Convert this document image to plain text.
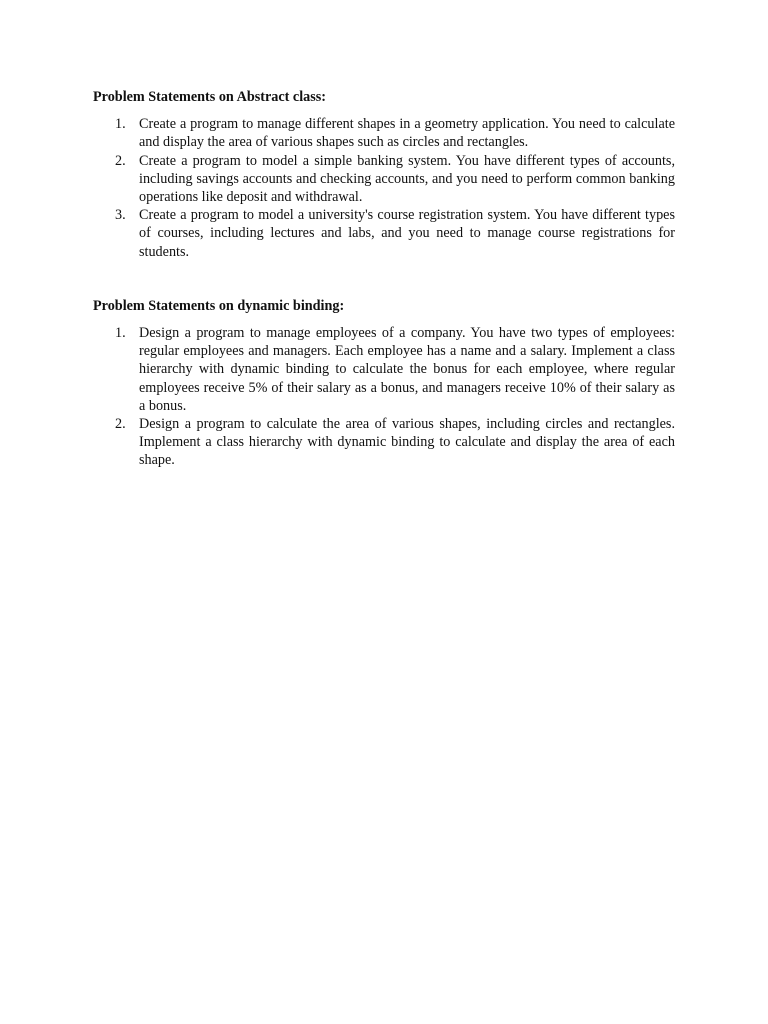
Problem Statements on Abstract class:
1. Create a program to manage different shapes in a geometry application. You need to calculate and display the area of various shapes such as circles and rectangles.
2. Create a program to model a simple banking system. You have different types of accounts, including savings accounts and checking accounts, and you need to perform common banking operations like deposit and withdrawal.
3. Create a program to model a university's course registration system. You have different types of courses, including lectures and labs, and you need to manage course registrations for students.
Problem Statements on dynamic binding:
1. Design a program to manage employees of a company. You have two types of employees: regular employees and managers. Each employee has a name and a salary. Implement a class hierarchy with dynamic binding to calculate the bonus for each employee, where regular employees receive 5% of their salary as a bonus, and managers receive 10% of their salary as a bonus.
2. Design a program to calculate the area of various shapes, including circles and rectangles. Implement a class hierarchy with dynamic binding to calculate and display the area of each shape.
